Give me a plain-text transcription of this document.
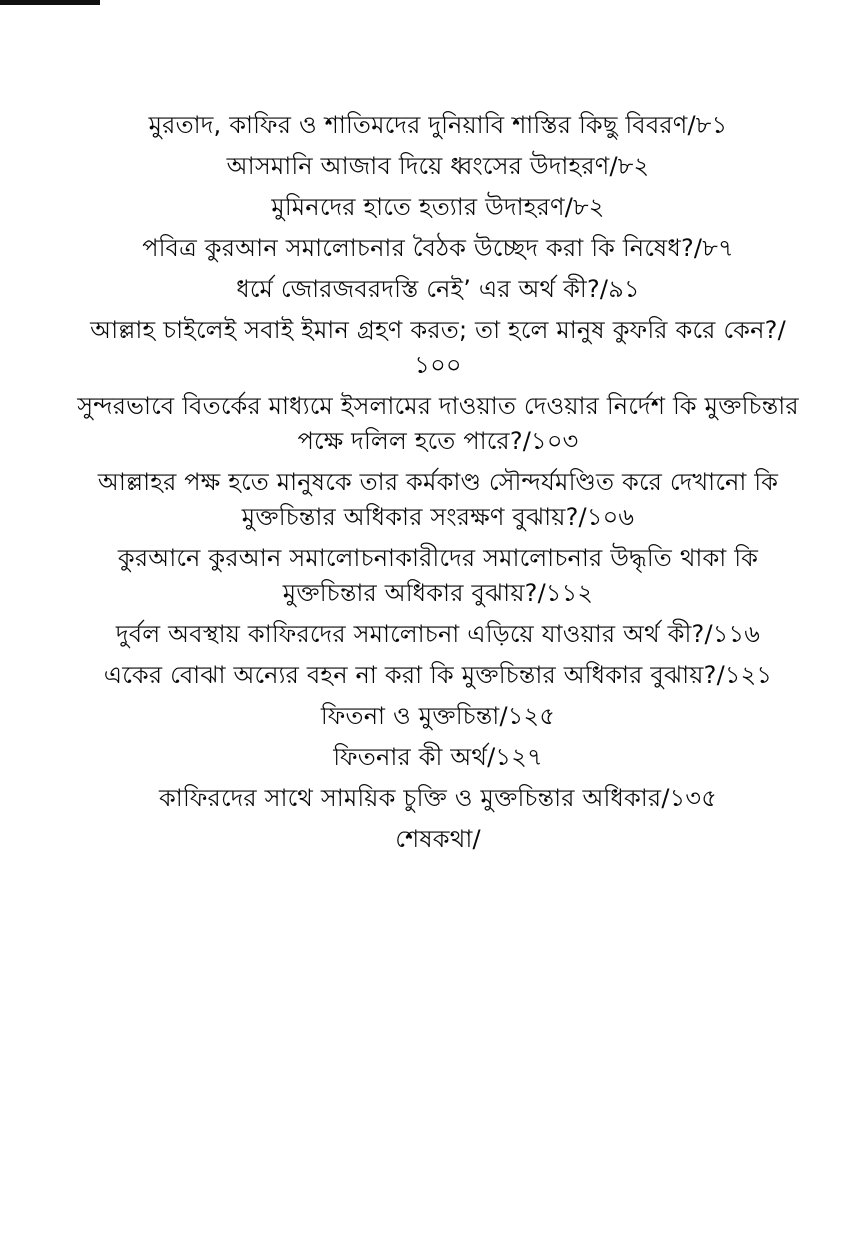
মুরতাদ, কাফির ও শাতিমদের দুনিয়াবি শাস্তির কিছু বিবরণ/৮১
আসমানি আজাব দিয়ে ধ্বংসের উদাহরণ/৮২
মুমিনদের হাতে হত্যার উদাহরণ/৮২
পবিত্র কুরআন সমালোচনার বৈঠক উচ্ছেদ করা কি নিষেধ?/৮৭
ধর্মে জোরজবরদস্তি নেই’ এর অর্থ কী?/৯১
আল্লাহ চাইলেই সবাই ইমান গ্রহণ করত; তা হলে মানুষ কুফরি করে কেন?/১০০
সুন্দরভাবে বিতর্কের মাধ্যমে ইসলামের দাওয়াত দেওয়ার নির্দেশ কি মুক্তচিন্তার পক্ষে দলিল হতে পারে?/১০৩
আল্লাহর পক্ষ হতে মানুষকে তার কর্মকাণ্ড সৌন্দর্যমণ্ডিত করে দেখানো কি মুক্তচিন্তার অধিকার সংরক্ষণ বুঝায়?/১০৬
কুরআনে কুরআন সমালোচনাকারীদের সমালোচনার উদ্ধৃতি থাকা কি মুক্তচিন্তার অধিকার বুঝায়?/১১২
দুর্বল অবস্থায় কাফিরদের সমালোচনা এড়িয়ে যাওয়ার অর্থ কী?/১১৬
একের বোঝা অন্যের বহন না করা কি মুক্তচিন্তার অধিকার বুঝায়?/১২১
ফিতনা ও মুক্তচিন্তা/১২৫
ফিতনার কী অর্থ/১২৭
কাফিরদের সাথে সাময়িক চুক্তি ও মুক্তচিন্তার অধিকার/১৩৫
শেষকথা/
